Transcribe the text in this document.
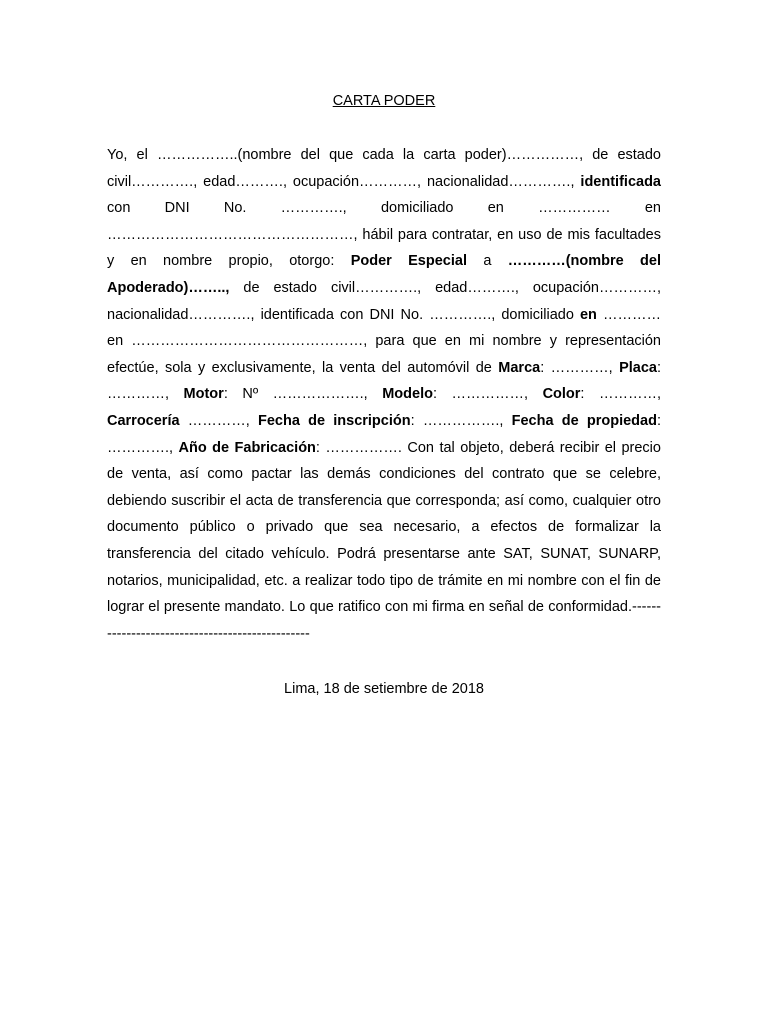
CARTA PODER

Yo, el ……………..(nombre del que cada la carta poder)……………, de estado civil…………., edad………., ocupación…………, nacionalidad…………., identificada con DNI No. …………., domiciliado en …………… en ……………………………………………, hábil para contratar, en uso de mis facultades y en nombre propio, otorgo: Poder Especial a …………(nombre del Apoderado)…….., de estado civil…………., edad………., ocupación…………, nacionalidad…………., identificada con DNI No. …………., domiciliado en ………… en …………………………………………, para que en mi nombre y representación efectúe, sola y exclusivamente, la venta del automóvil de Marca: …………, Placa: …………, Motor: Nº ………………., Modelo: ……………, Color: …………, Carrocería …………, Fecha de inscripción: ……………., Fecha de propiedad: …………., Año de Fabricación: ……………. Con tal objeto, deberá recibir el precio de venta, así como pactar las demás condiciones del contrato que se celebre, debiendo suscribir el acta de transferencia que corresponda; así como, cualquier otro documento público o privado que sea necesario, a efectos de formalizar la transferencia del citado vehículo. Podrá presentarse ante SAT, SUNAT, SUNARP, notarios, municipalidad, etc. a realizar todo tipo de trámite en mi nombre con el fin de lograr el presente mandato. Lo que ratifico con mi firma en señal de conformidad.------------------------------------------------

Lima, 18 de setiembre de 2018
